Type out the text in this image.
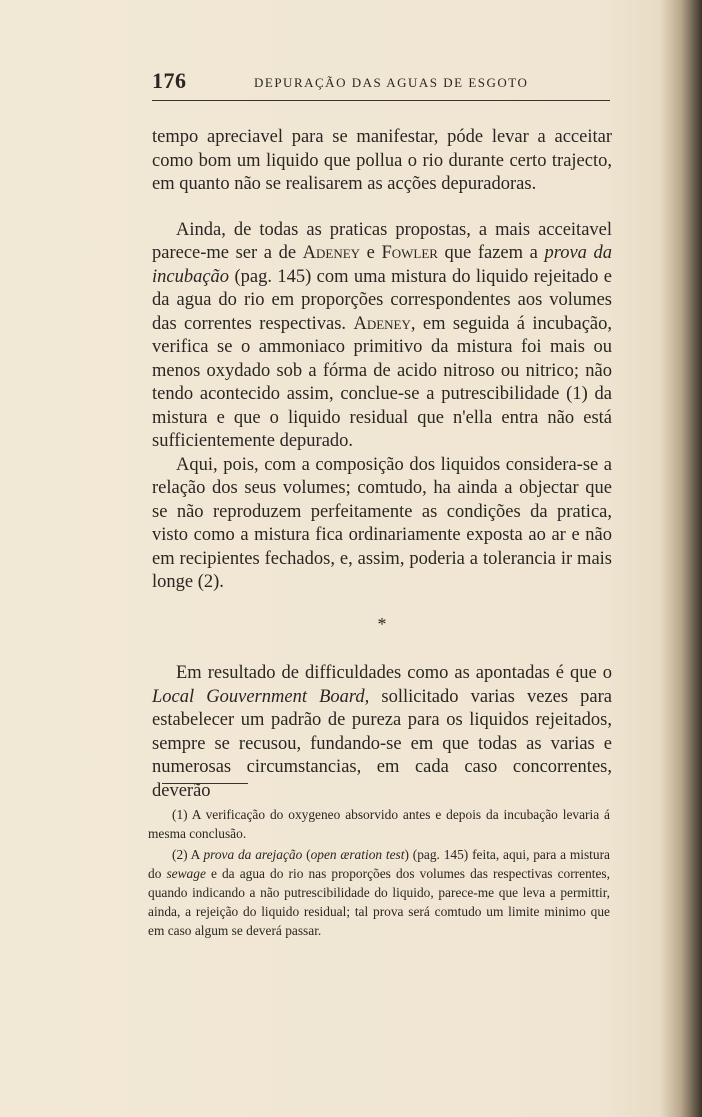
176	DEPURAÇÃO DAS AGUAS DE ESGOTO

tempo apreciavel para se manifestar, póde levar a acceitar como bom um liquido que pollua o rio durante certo trajecto, em quanto não se realisarem as acções depuradoras.

Ainda, de todas as praticas propostas, a mais acceitavel parece-me ser a de Adeney e Fowler que fazem a prova da incubação (pag. 145) com uma mistura do liquido rejeitado e da agua do rio em proporções correspondentes aos volumes das correntes respectivas. Adeney, em seguida á incubação, verifica se o ammoniaco primitivo da mistura foi mais ou menos oxydado sob a fórma de acido nitroso ou nitrico; não tendo acontecido assim, conclue-se a putrescibilidade (1) da mistura e que o liquido residual que n'ella entra não está sufficientemente depurado.

Aqui, pois, com a composição dos liquidos considera-se a relação dos seus volumes; comtudo, ha ainda a objectar que se não reproduzem perfeitamente as condições da pratica, visto como a mistura fica ordinariamente exposta ao ar e não em recipientes fechados, e, assim, poderia a tolerancia ir mais longe (2).

*

Em resultado de difficuldades como as apontadas é que o Local Gouvernment Board, sollicitado varias vezes para estabelecer um padrão de pureza para os liquidos rejeitados, sempre se recusou, fundando-se em que todas as varias e numerosas circumstancias, em cada caso concorrentes, deverão

(1) A verificação do oxygeneo absorvido antes e depois da incubação levaria á mesma conclusão.

(2) A prova da arejação (open æration test) (pag. 145) feita, aqui, para a mistura do sewage e da agua do rio nas proporções dos volumes das respectivas correntes, quando indicando a não putrescibilidade do liquido, parece-me que leva a permittir, ainda, a rejeição do liquido residual; tal prova será comtudo um limite minimo que em caso algum se deverá passar.
